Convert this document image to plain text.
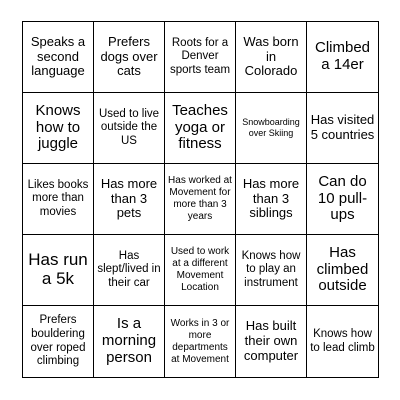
Speaks a second language
Prefers dogs over cats
Roots for a Denver sports team
Was born in Colorado
Climbed a 14er
Knows how to juggle
Used to live outside the US
Teaches yoga or fitness
Snowboarding over Skiing
Has visited 5 countries
Likes books more than movies
Has more than 3 pets
Has worked at Movement for more than 3 years
Has more than 3 siblings
Can do 10 pull-ups
Has run a 5k
Has slept/lived in their car
Used to work at a different Movement Location
Knows how to play an instrument
Has climbed outside
Prefers bouldering over roped climbing
Is a morning person
Works in 3 or more departments at Movement
Has built their own computer
Knows how to lead climb
